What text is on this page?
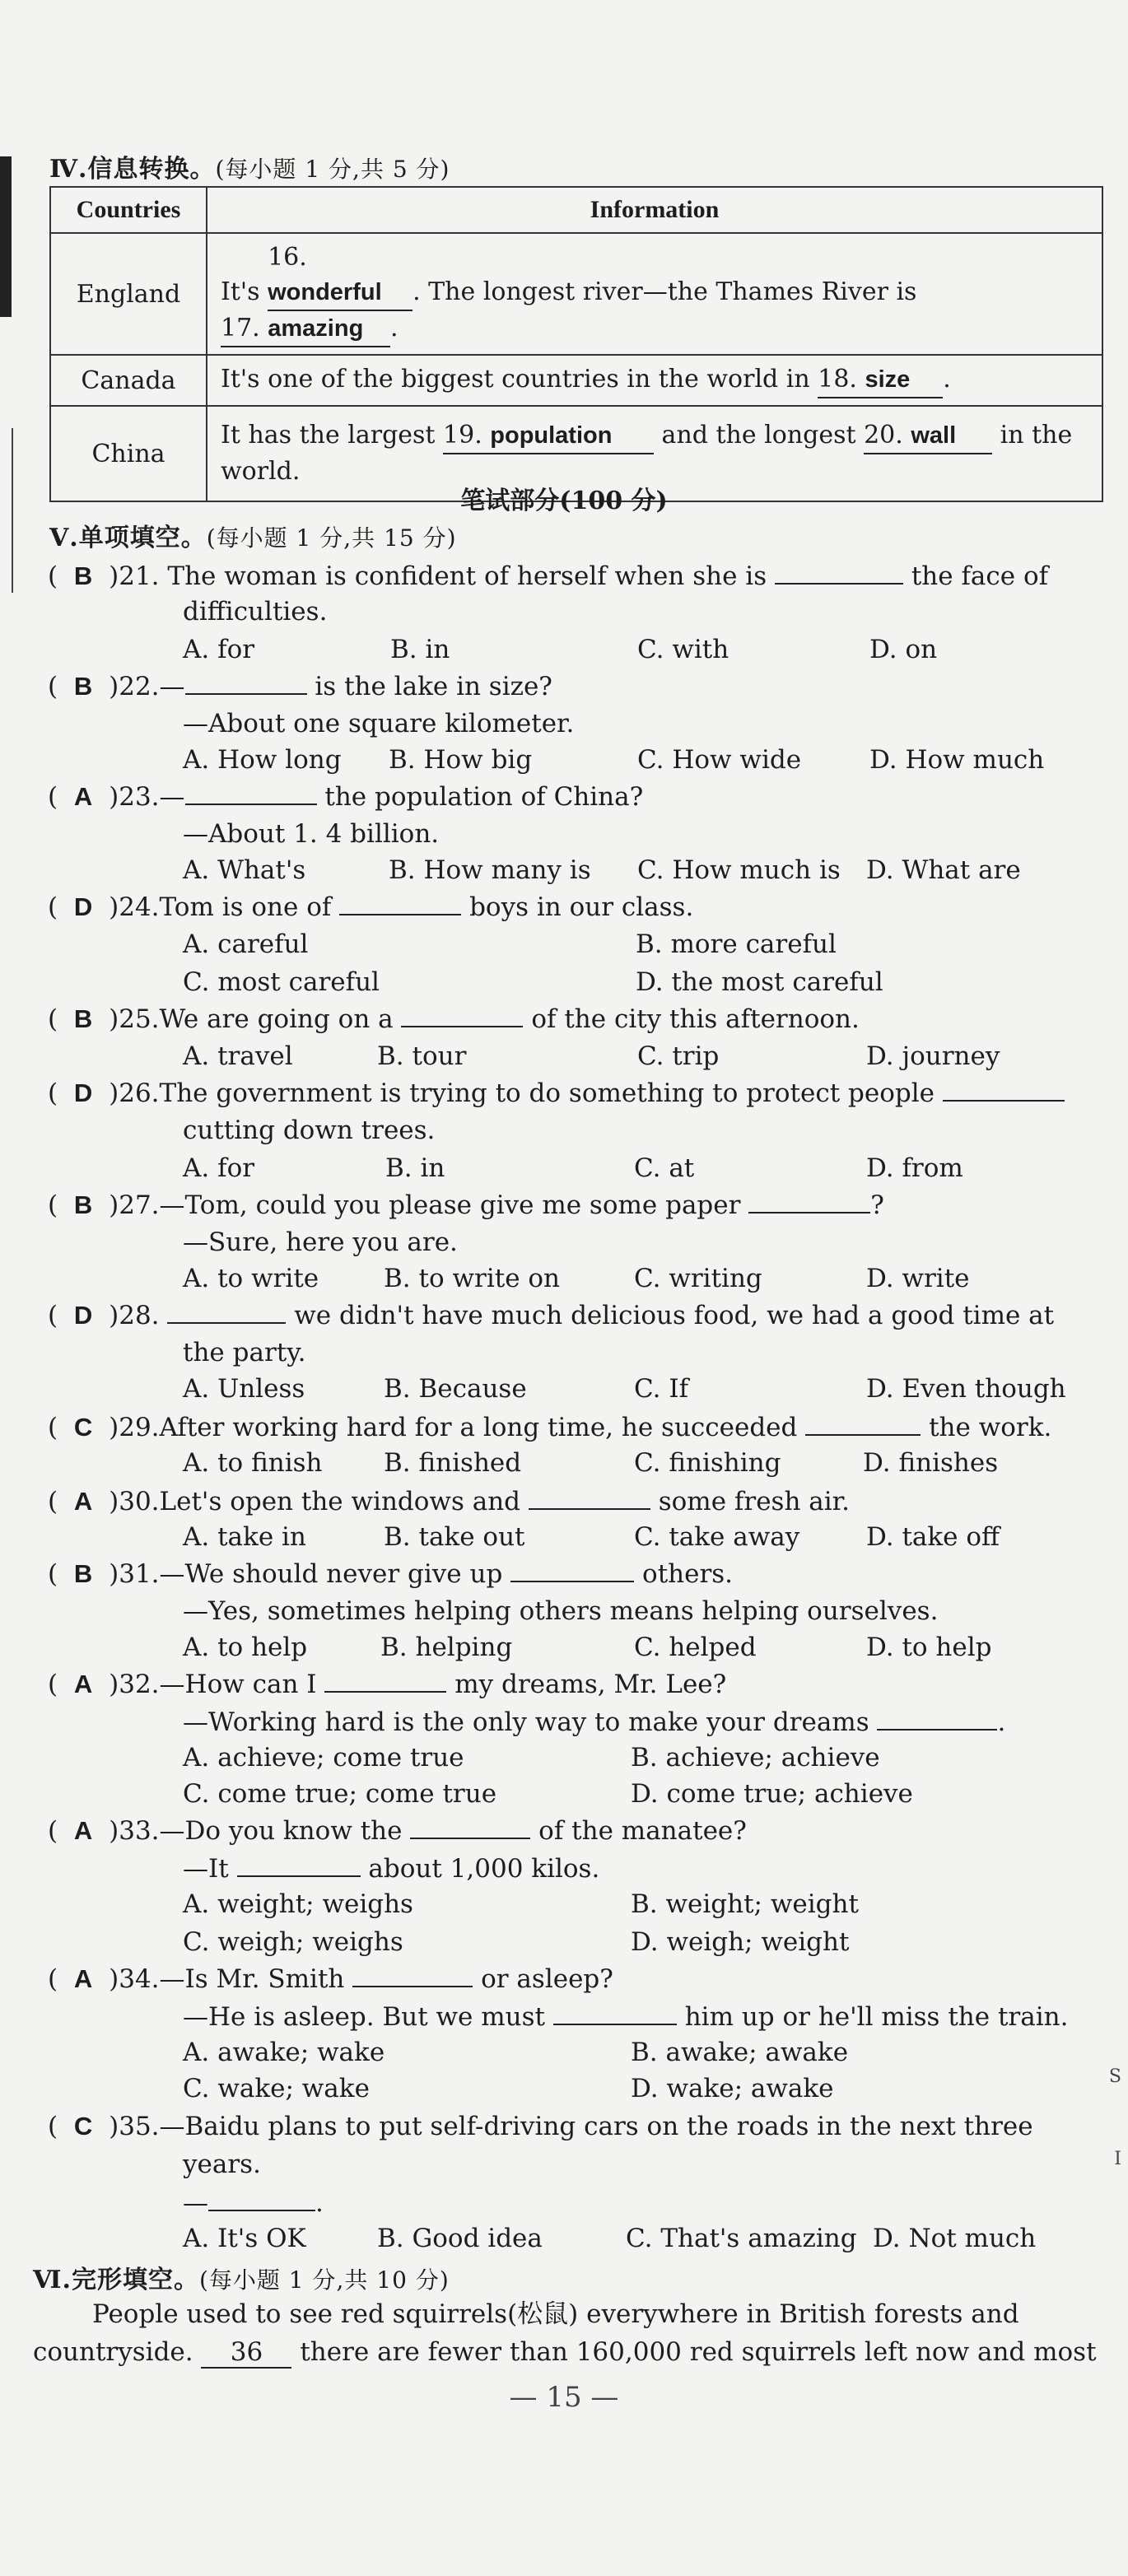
S
I
Ⅳ.信息转换。(每小题 1 分,共 5 分)
Countries	Information
England	It's 16. wonderful . The longest river—the Thames River is
17. amazing .
Canada	It's one of the biggest countries in the world in 18. size .
China	It has the largest 19. population and the longest 20. wall in the world.
笔试部分(100 分)
Ⅴ.单项填空。(每小题 1 分,共 15 分)
( B )21. The woman is confident of herself when she is	the face of
difficulties.
A. for	B. in	C. with	D. on
( B )22.—	is the lake in size?
—About one square kilometer.
A. How long B. How big	C. How wide	D. How much
( A )23.—	the population of China?
—About 1. 4 billion.
A. What's	B. How many is C. How much is D. What are
( D )24.Tom is one of	boys in our class.
A. careful	B. more careful
C. most careful	D. the most careful
( B )25.We are going on a	of the city this afternoon.
A. travel	B. tour	C. trip	D. journey
( D )26.The government is trying to do something to protect people
cutting down trees.
A. for	B. in	C. at	D. from
( B )27.—Tom, could you please give me some paper	?
—Sure, here you are.
A. to write	B. to write on	C. writing	D. write
( D )28.	we didn't have much delicious food, we had a good time at
the party.
A. Unless	B. Because	C. If	D. Even though
( C )29.After working hard for a long time, he succeeded	the work.
A. to finish B. finished	C. finishing	D. finishes
( A )30.Let's open the windows and	some fresh air.
A. take in	B. take out	C. take away	D. take off
( B )31.—We should never give up	others.
—Yes, sometimes helping others means helping ourselves.
A. to help	B. helping	C. helped	D. to help
( A )32.—How can I	my dreams, Mr. Lee?
—Working hard is the only way to make your dreams	.
A. achieve; come true	B. achieve; achieve
C. come true; come true	D. come true; achieve
( A )33.—Do you know the	of the manatee?
—It	about 1,000 kilos.
A. weight; weighs	B. weight; weight
C. weigh; weighs	D. weigh; weight
( A )34.—Is Mr. Smith	or asleep?
—He is asleep. But we must	him up or he'll miss the train.
A. awake; wake	B. awake; awake
C. wake; wake	D. wake; awake
( C )35.—Baidu plans to put self-driving cars on the roads in the next three
years.
—	.
A. It's OK	B. Good idea	C. That's amazing D. Not much
Ⅵ.完形填空。(每小题 1 分,共 10 分)
People used to see red squirrels(松鼠) everywhere in British forests and
countryside. 36 there are fewer than 160,000 red squirrels left now and most
— 15 —
